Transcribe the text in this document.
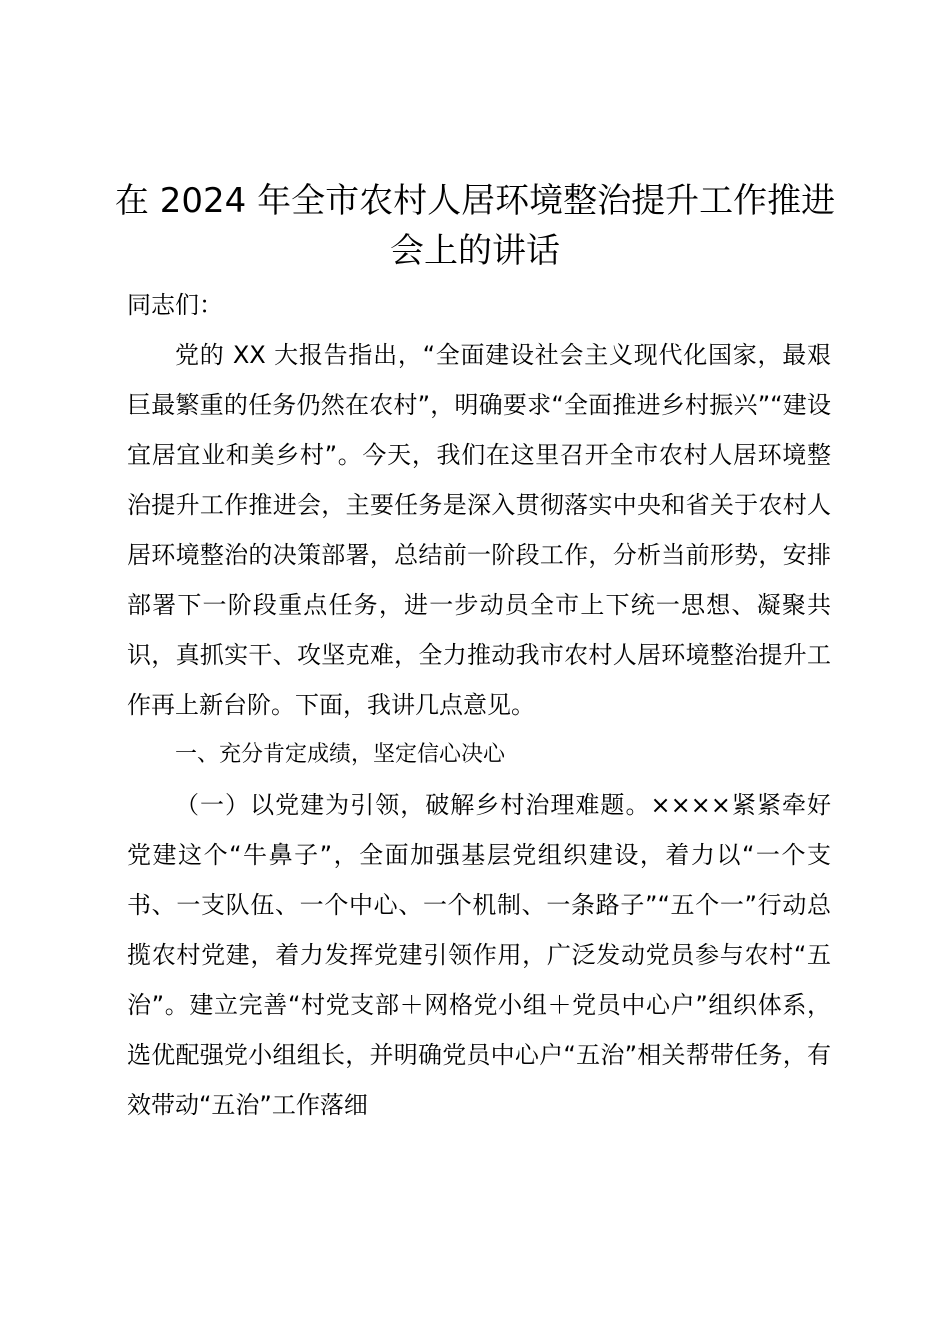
在 2024 年全市农村人居环境整治提升工作推进会上的讲话

同志们：

党的 XX 大报告指出，“全面建设社会主义现代化国家，最艰巨最繁重的任务仍然在农村”，明确要求“全面推进乡村振兴”“建设宜居宜业和美乡村”。今天，我们在这里召开全市农村人居环境整治提升工作推进会，主要任务是深入贯彻落实中央和省关于农村人居环境整治的决策部署，总结前一阶段工作，分析当前形势，安排部署下一阶段重点任务，进一步动员全市上下统一思想、凝聚共识，真抓实干、攻坚克难，全力推动我市农村人居环境整治提升工作再上新台阶。下面，我讲几点意见。

一、充分肯定成绩，坚定信心决心

（一）以党建为引领，破解乡村治理难题。××××紧紧牵好党建这个“牛鼻子”，全面加强基层党组织建设，着力以“一个支书、一支队伍、一个中心、一个机制、一条路子”“五个一”行动总揽农村党建，着力发挥党建引领作用，广泛发动党员参与农村“五治”。建立完善“村党支部＋网格党小组＋党员中心户”组织体系，选优配强党小组组长，并明确党员中心户“五治”相关帮带任务，有效带动“五治”工作落细
